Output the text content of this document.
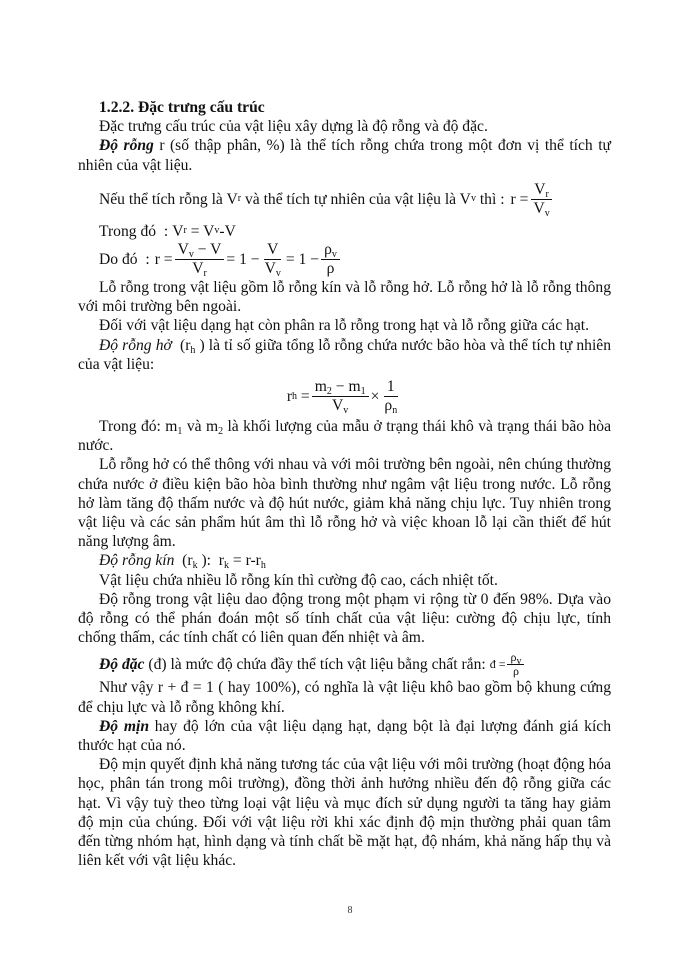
1.2.2. Đặc trưng cấu trúc

Đặc trưng cấu trúc của vật liệu xây dựng là độ rỗng và độ đặc.

Độ rỗng r (số thập phân, %) là thể tích rỗng chứa trong một đơn vị thể tích tự nhiên của vật liệu.

Nếu thể tích rỗng là V r và thể tích tự nhiên của vật liệu là V v thì : $r = \frac{V_r}{V_v}$
Trong đó  : V r = V v -V
Do đó  : $r = \frac{V_v - V}{V_r} = 1 - \frac{V}{V_v} = 1 - \frac{\rho_v}{\rho}$

Lỗ rỗng trong vật liệu gồm lỗ rỗng kín và lỗ rỗng hở. Lỗ rỗng hở là lỗ rỗng thông với môi trường bên ngoài.

Đối với vật liệu dạng hạt còn phân ra lỗ rỗng trong hạt và lỗ rỗng giữa các hạt.

Độ rỗng hở ($r_h$ ) là tỉ số giữa tổng lỗ rỗng chứa nước bão hòa và thể tích tự nhiên của vật liệu:

r $h = \frac{m_2 - m_1}{V_v} \times \frac{1}{\rho_n}$

Trong đó: $m_1$ và $m_2$ là khối lượng của mẫu ở trạng thái khô và trạng thái bão hòa nước.

Lỗ rỗng hở có thể thông với nhau và với môi trường bên ngoài, nên chúng thường chứa nước ở điều kiện bão hòa bình thường như ngâm vật liệu trong nước. Lỗ rỗng hở làm tăng độ thấm nước và độ hút nước, giảm khả năng chịu lực. Tuy nhiên trong vật liệu và các sản phẩm hút âm thì lỗ rỗng hở và việc khoan lỗ lại cần thiết để hút năng lượng âm.

Độ rỗng kín ($r_k$ ): $r_k = r-r_h$

Vật liệu chứa nhiều lỗ rỗng kín thì cường độ cao, cách nhiệt tốt.

Độ rỗng trong vật liệu dao động trong một phạm vi rộng từ 0 đến 98%. Dựa vào độ rỗng có thể phán đoán một số tính chất của vật liệu: cường độ chịu lực, tính chống thấm, các tính chất có liên quan đến nhiệt và âm.

Độ đặc (đ) là mức độ chứa đầy thể tích vật liệu bằng chất rắn: đ = $\frac{\rho_v}{\rho}$

Như vậy r + đ = 1 ( hay 100%), có nghĩa là vật liệu khô bao gồm bộ khung cứng để chịu lực và lỗ rỗng không khí.

Độ mịn hay độ lớn của vật liệu dạng hạt, dạng bột là đại lượng đánh giá kích thước hạt của nó.

Độ mịn quyết định khả năng tương tác của vật liệu với môi trường (hoạt động hóa học, phân tán trong môi trường), đồng thời ảnh hưởng nhiều đến độ rỗng giữa các hạt. Vì vậy tuỳ theo từng loại vật liệu và mục đích sử dụng người ta tăng hay giảm độ mịn của chúng. Đối với vật liệu rời khi xác định độ mịn thường phải quan tâm đến từng nhóm hạt, hình dạng và tính chất bề mặt hạt, độ nhám, khả năng hấp thụ và liên kết với vật liệu khác.

8
